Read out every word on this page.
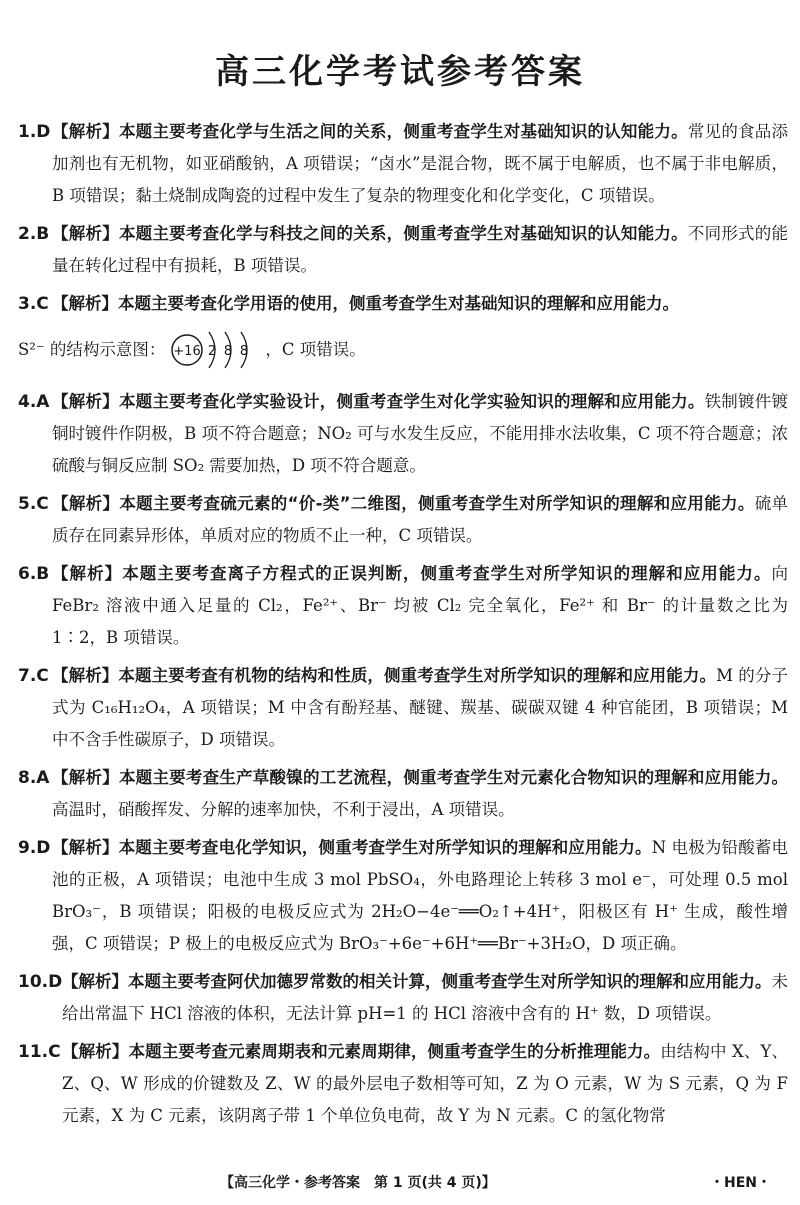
高三化学考试参考答案
1.D 【解析】本题主要考查化学与生活之间的关系，侧重考查学生对基础知识的认知能力。常见的食品添加剂也有无机物，如亚硝酸钠，A 项错误；“卤水”是混合物，既不属于电解质，也不属于非电解质，B 项错误；黏土烧制成陶瓷的过程中发生了复杂的物理变化和化学变化，C 项错误。
2.B 【解析】本题主要考查化学与科技之间的关系，侧重考查学生对基础知识的认知能力。不同形式的能量在转化过程中有损耗，B 项错误。
3.C 【解析】本题主要考查化学用语的使用，侧重考查学生对基础知识的理解和应用能力。
S²⁻ 的结构示意图： +16 2 8 8 ，C 项错误。
4.A 【解析】本题主要考查化学实验设计，侧重考查学生对化学实验知识的理解和应用能力。铁制镀件镀铜时镀件作阴极，B 项不符合题意；NO₂ 可与水发生反应，不能用排水法收集，C 项不符合题意；浓硫酸与铜反应制 SO₂ 需要加热，D 项不符合题意。
5.C 【解析】本题主要考查硫元素的“价-类”二维图，侧重考查学生对所学知识的理解和应用能力。硫单质存在同素异形体，单质对应的物质不止一种，C 项错误。
6.B 【解析】本题主要考查离子方程式的正误判断，侧重考查学生对所学知识的理解和应用能力。向 FeBr₂ 溶液中通入足量的 Cl₂，Fe²⁺、Br⁻ 均被 Cl₂ 完全氧化，Fe²⁺ 和 Br⁻ 的计量数之比为 1∶2，B 项错误。
7.C 【解析】本题主要考查有机物的结构和性质，侧重考查学生对所学知识的理解和应用能力。M 的分子式为 C₁₆H₁₂O₄，A 项错误；M 中含有酚羟基、醚键、羰基、碳碳双键 4 种官能团，B 项错误；M 中不含手性碳原子，D 项错误。
8.A 【解析】本题主要考查生产草酸镍的工艺流程，侧重考查学生对元素化合物知识的理解和应用能力。高温时，硝酸挥发、分解的速率加快，不利于浸出，A 项错误。
9.D 【解析】本题主要考查电化学知识，侧重考查学生对所学知识的理解和应用能力。N 电极为铅酸蓄电池的正极，A 项错误；电池中生成 3 mol PbSO₄，外电路理论上转移 3 mol e⁻，可处理 0.5 mol BrO₃⁻，B 项错误；阳极的电极反应式为 2H₂O−4e⁻══O₂↑+4H⁺，阳极区有 H⁺ 生成，酸性增强，C 项错误；P 极上的电极反应式为 BrO₃⁻+6e⁻+6H⁺══Br⁻+3H₂O，D 项正确。
10.D 【解析】本题主要考查阿伏加德罗常数的相关计算，侧重考查学生对所学知识的理解和应用能力。未给出常温下 HCl 溶液的体积，无法计算 pH=1 的 HCl 溶液中含有的 H⁺ 数，D 项错误。
11.C 【解析】本题主要考查元素周期表和元素周期律，侧重考查学生的分析推理能力。由结构中 X、Y、Z、Q、W 形成的价键数及 Z、W 的最外层电子数相等可知，Z 为 O 元素，W 为 S 元素，Q 为 F 元素，X 为 C 元素，该阴离子带 1 个单位负电荷，故 Y 为 N 元素。C 的氢化物常
【高三化学・参考答案　第 1 页(共 4 页)】	・HEN・
